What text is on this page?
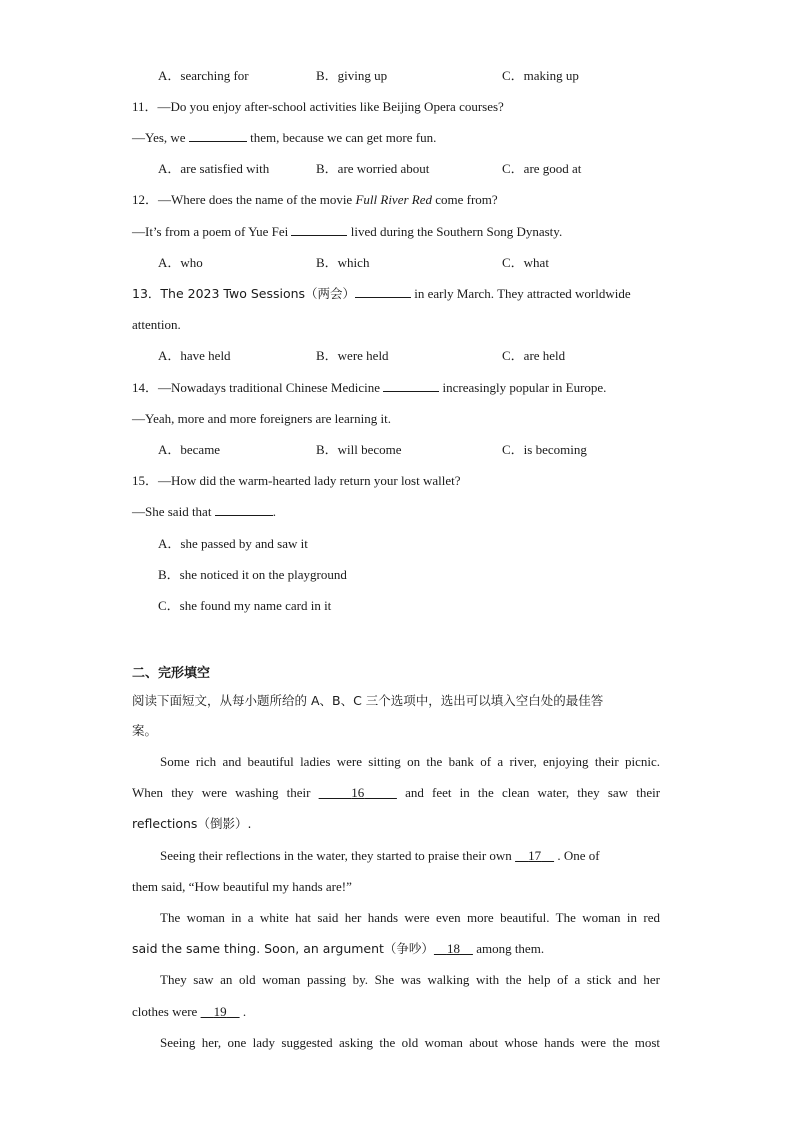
A．searching for	B．giving up	C．making up
11．—Do you enjoy after-school activities like Beijing Opera courses?
—Yes, we	them, because we can get more fun.
A．are satisfied with	B．are worried about	C．are good at
12．—Where does the name of the movie Full River Red come from?
—It’s from a poem of Yue Fei	lived during the Southern Song Dynasty.
A．who	B．which	C．what
13．The 2023 Two Sessions（两会）	in early March. They attracted worldwide
attention.
A．have held	B．were held	C．are held
14．—Nowadays traditional Chinese Medicine	increasingly popular in Europe.
—Yeah, more and more foreigners are learning it.
A．became	B．will become	C．is becoming
15．—How did the warm-hearted lady return your lost wallet?
—She said that	.
A．she passed by and saw it
B．she noticed it on the playground
C．she found my name card in it
二、完形填空
阅读下面短文，从每小题所给的 A、B、C 三个选项中，选出可以填入空白处的最佳答
案。
Some rich and beautiful ladies were sitting on the bank of a river, enjoying their picnic.
When they were washing their	16	and feet in the clean water, they saw their
reflections（倒影）.
Seeing their reflections in the water, they started to praise their own     17     . One of
them said, “How beautiful my hands are!”
The woman in a white hat said her hands were even more beautiful. The woman in red
said the same thing. Soon, an argument（争吵） 18     among them.
They saw an old woman passing by. She was walking with the help of a stick and her
clothes were     19     .
Seeing her, one lady suggested asking the old woman about whose hands were the most
